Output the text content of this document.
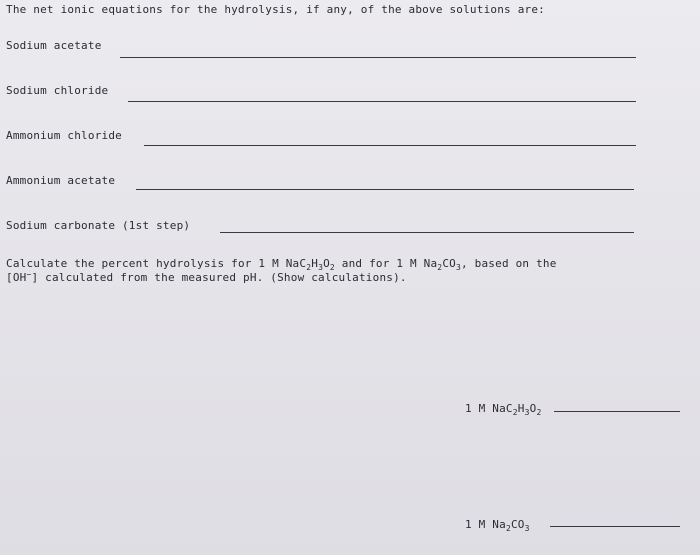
The net ionic equations for the hydrolysis, if any, of the above solutions are:
Sodium acetate
Sodium chloride
Ammonium chloride
Ammonium acetate
Sodium carbonate (1st step)
Calculate the percent hydrolysis for 1 M $NaC_2H_3O_2$ and for 1 M $Na_2CO_3$, based on the
[OH−] calculated from the measured pH. (Show calculations).
1 M $NaC_2H_3O_2$
1 M $Na_2CO_3$
